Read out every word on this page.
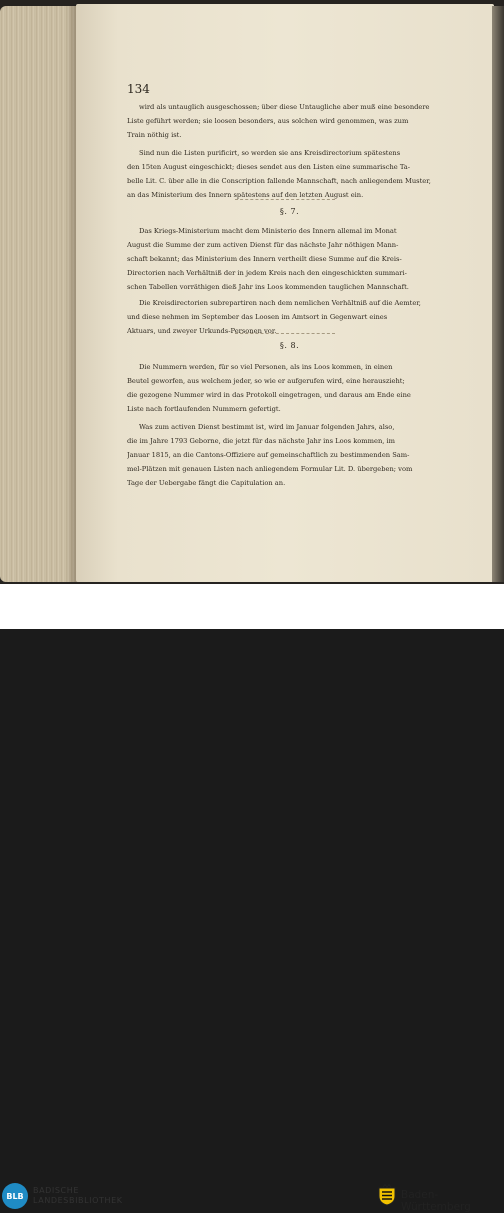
134
wird als untauglich ausgeschossen; über diese Untaugliche aber muß eine besondere
Liste geführt werden; sie loosen besonders, aus solchen wird genommen, was zum
Train nöthig ist.
Sind nun die Listen purificirt, so werden sie ans Kreisdirectorium spätestens
den 15ten August eingeschickt; dieses sendet aus den Listen eine summarische Ta-
belle Lit. C. über alle in die Conscription fallende Mannschaft, nach anliegendem Muster,
an das Ministerium des Innern spätestens auf den letzten August ein.
§. 7.
Das Kriegs-Ministerium macht dem Ministerio des Innern allemal im Monat
August die Summe der zum activen Dienst für das nächste Jahr nöthigen Mann-
schaft bekannt; das Ministerium des Innern vertheilt diese Summe auf die Kreis-
Directorien nach Verhältniß der in jedem Kreis nach den eingeschickten summari-
schen Tabellen vorräthigen dieß Jahr ins Loos kommenden tauglichen Mannschaft.
Die Kreisdirectorien subrepartiren nach dem nemlichen Verhältniß auf die Aemter,
und diese nehmen im September das Loosen im Amtsort in Gegenwart eines
Aktuars, und zweyer Urkunds-Personen vor.
§. 8.
Die Nummern werden, für so viel Personen, als ins Loos kommen, in einen
Beutel geworfen, aus welchem jeder, so wie er aufgerufen wird, eine herauszieht;
die gezogene Nummer wird in das Protokoll eingetragen, und daraus am Ende eine
Liste nach fortlaufenden Nummern gefertigt.
Was zum activen Dienst bestimmt ist, wird im Januar folgenden Jahrs, also,
die im Jahre 1793 Geborne, die jetzt für das nächste Jahr ins Loos kommen, im
Januar 1815, an die Cantons-Offiziere auf gemeinschaftlich zu bestimmenden Sam-
mel-Plätzen mit genauen Listen nach anliegendem Formular Lit. D. übergeben; vom
Tage der Uebergabe fängt die Capitulation an.
BLB
BADISCHE
LANDESBIBLIOTHEK	Baden-Württemberg
